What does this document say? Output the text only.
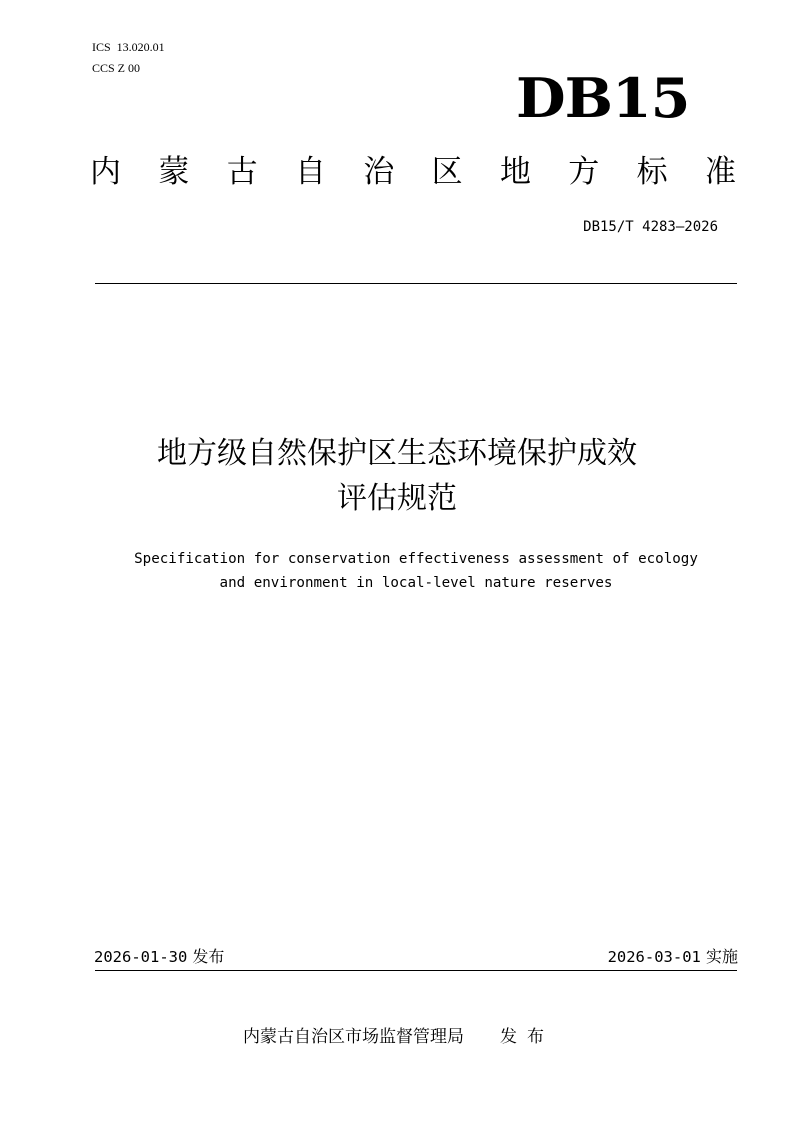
ICS  13.020.01
CCS Z 00	DB15
内 蒙 古 自 治 区 地 方 标 准
DB15/T 4283—2026
地方级自然保护区生态环境保护成效
评估规范
Specification for conservation effectiveness assessment of ecology
and environment in local-level nature reserves
2026-01-30 发布	2026-03-01 实施
内蒙古自治区市场监督管理局 发布
